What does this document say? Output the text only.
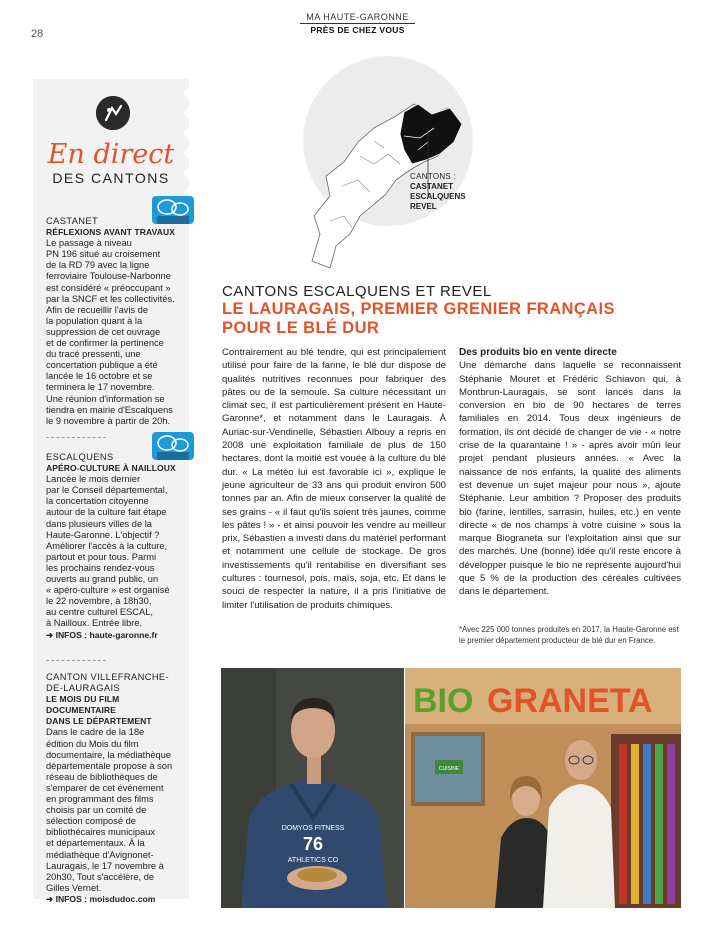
28
MA HAUTE-GARONNE
PRÈS DE CHEZ VOUS
CANTONS :
CASTANET
ESCALQUENS
REVEL
En direct
DES CANTONS
CASTANET
RÉFLEXIONS AVANT TRAVAUX
Le passage à niveau
PN 196 situé au croisement
de la RD 79 avec la ligne
ferroviaire Toulouse-Narbonne
est considéré « préoccupant »
par la SNCF et les collectivités.
Afin de recueillir l'avis de
la population quant à la
suppression de cet ouvrage
et de confirmer la pertinence
du tracé pressenti, une
concertation publique a été
lancée le 16 octobre et se
terminera le 17 novembre.
Une réunion d'information se
tiendra en mairie d'Escalquens
le 9 novembre à partir de 20h.
ESCALQUENS
APÉRO-CULTURE À NAILLOUX
Lancée le mois dernier
par le Conseil départemental,
la concertation citoyenne
autour de la culture fait étape
dans plusieurs villes de la
Haute-Garonne. L'objectif ?
Améliorer l'accès à la culture,
partout et pour tous. Parmi
les prochains rendez-vous
ouverts au grand public, un
« apéro-culture » est organisé
le 22 novembre, à 18h30,
au centre culturel ESCAL,
à Nailloux. Entrée libre.
➜ INFOS : haute-garonne.fr
CANTON VILLEFRANCHE-
DE-LAURAGAIS
LE MOIS DU FILM DOCUMENTAIRE
DANS LE DÉPARTEMENT
Dans le cadre de la 18e
édition du Mois du film
documentaire, la médiathèque
départementale propose à son
réseau de bibliothèques de
s'emparer de cet événement
en programmant des films
choisis par un comité de
sélection composé de
bibliothécaires municipaux
et départementaux. À la
médiathèque d'Avignonet-
Lauragais, le 17 novembre à
20h30, Tout s'accélère, de
Gilles Vernet.
➜ INFOS : moisdudoc.com
CANTONS ESCALQUENS ET REVEL
LE LAURAGAIS, PREMIER GRENIER FRANÇAIS
POUR LE BLÉ DUR
Contrairement au blé tendre, qui est principalement utilisé pour faire de la farine, le blé dur dispose de qualités nutritives reconnues pour fabriquer des pâtes ou de la semoule. Sa culture nécessitant un climat sec, il est particulièrement présent en Haute-Garonne*, et notamment dans le Lauragais. À Auriac-sur-Vendinelle, Sébastien Albouy a repris en 2008 une exploitation familiale de plus de 150 hectares, dont la moitié est vouée à la culture du blé dur. « La météo lui est favorable ici », explique le jeune agriculteur de 33 ans qui produit environ 500 tonnes par an. Afin de mieux conserver la qualité de ses grains - « il faut qu'ils soient très jaunes, comme les pâtes ! » - et ainsi pouvoir les vendre au meilleur prix, Sébastien a investi dans du matériel performant et notamment une cellule de stockage. De gros investissements qu'il rentabilise en diversifiant ses cultures : tournesol, pois, maïs, soja, etc. Et dans le souci de respecter la nature, il a pris l'initiative de limiter l'utilisation de produits chimiques.
Des produits bio en vente directe
Une démarche dans laquelle se reconnaissent Stéphanie Mouret et Frédéric Schiavon qui, à Montbrun-Lauragais, se sont lancés dans la conversion en bio de 90 hectares de terres familiales en 2014. Tous deux ingénieurs de formation, ils ont décidé de changer de vie - « notre crise de la quarantaine ! » - après avoir mûri leur projet pendant plusieurs années. « Avec la naissance de nos enfants, la qualité des aliments est devenue un sujet majeur pour nous », ajoute Stéphanie. Leur ambition ? Proposer des produits bio (farine, lentilles, sarrasin, huiles, etc.) en vente directe « de nos champs à votre cuisine » sous la marque Biograneta sur l'exploitation ainsi que sur des marchés. Une (bonne) idée qu'il reste encore à développer puisque le bio ne représente aujourd'hui que 5 % de la production des céréales cultivées dans le département.
*Avec 225 000 tonnes produites en 2017, la Haute-Garonne est le premier département producteur de blé dur en France.
DOMYOS FITNESS
76
ATHLETICS CO
BIO GRANETA
CUISINE
